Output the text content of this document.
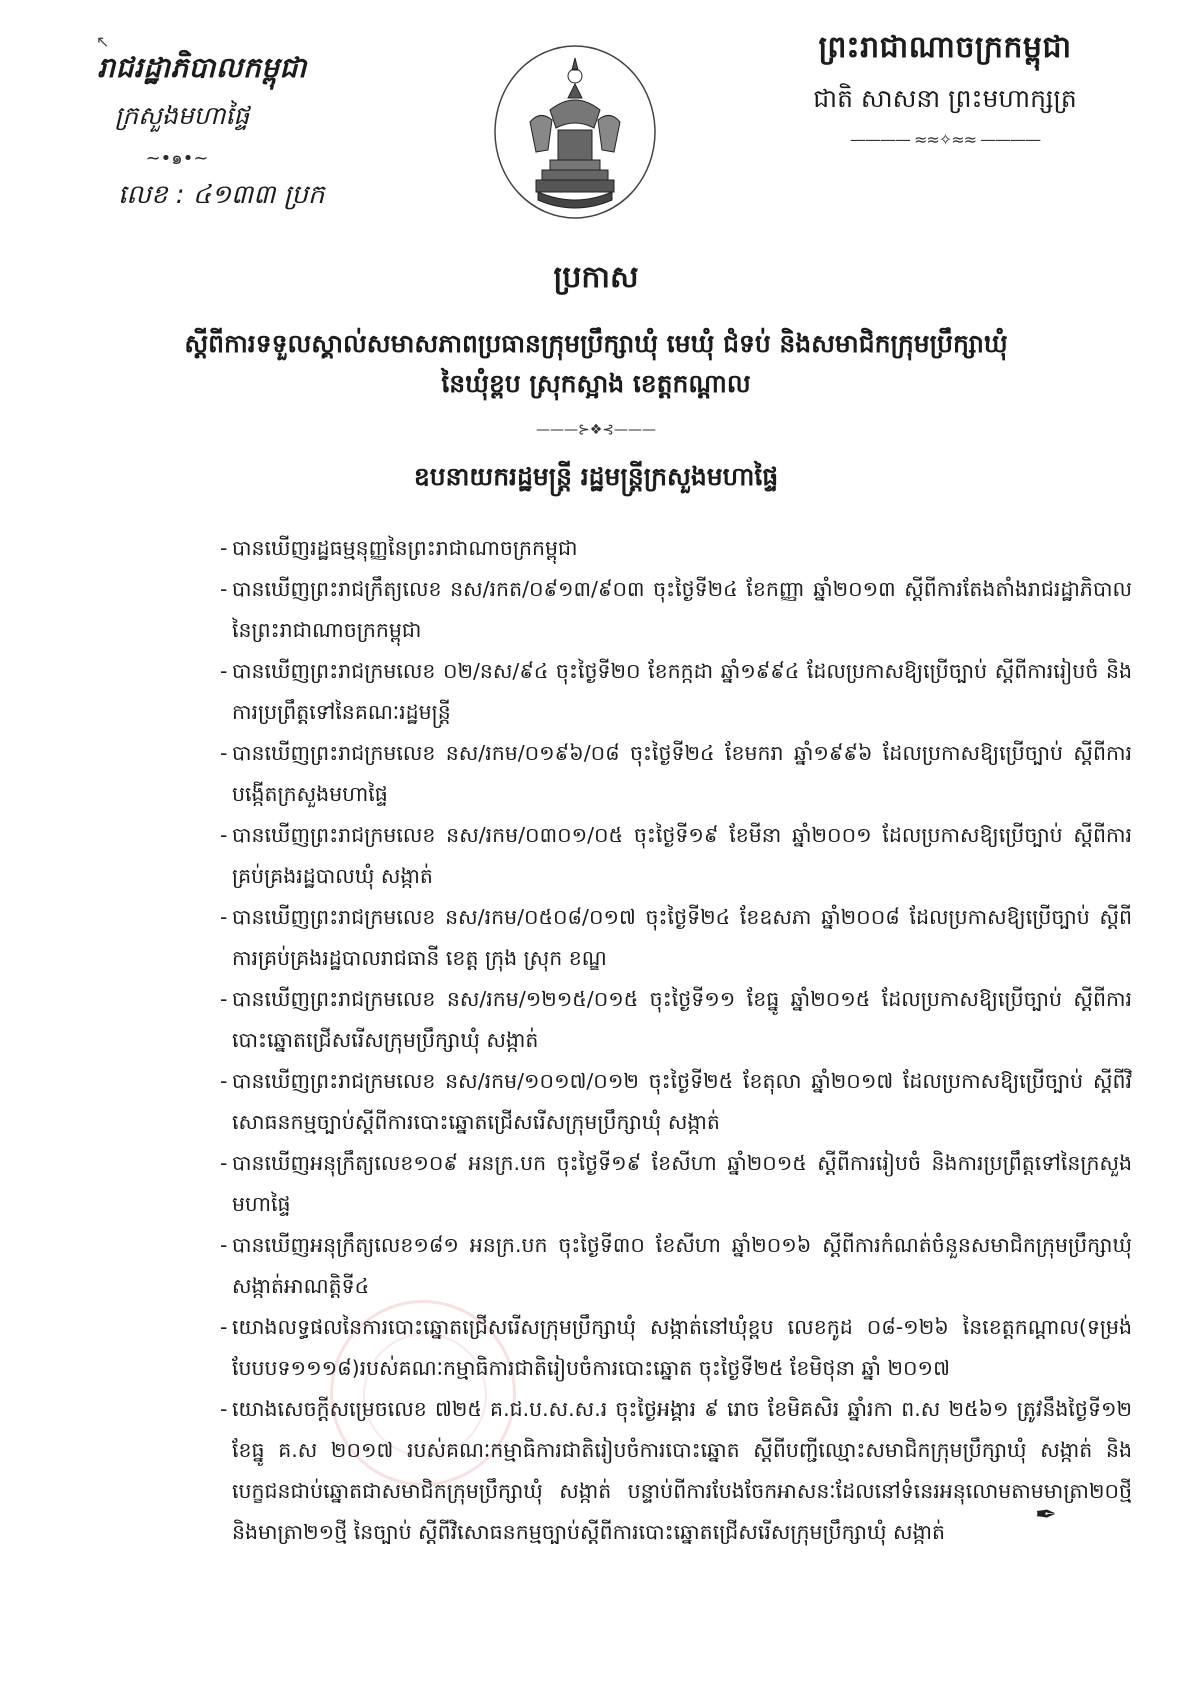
↖
រាជរដ្ឋាភិបាលកម្ពុជា
ក្រសួងមហាផ្ទៃ
~•๑•~
លេខ : ៤១៣៣ ប្រក
ព្រះរាជាណាចក្រកម្ពុជា
ជាតិ សាសនា ព្រះមហាក្សត្រ
———— ≈≈✧≈≈ ————
ប្រកាស
ស្តីពីការទទួលស្គាល់សមាសភាពប្រធានក្រុមប្រឹក្សាឃុំ មេឃុំ ជំទប់ និងសមាជិកក្រុមប្រឹក្សាឃុំ
នៃឃុំខ្ពប ស្រុកស្អាង ខេត្តកណ្តាល
———⊱❖⊰———
ឧបនាយករដ្ឋមន្ត្រី រដ្ឋមន្ត្រីក្រសួងមហាផ្ទៃ
- បានឃើញរដ្ឋធម្មនុញ្ញនៃព្រះរាជាណាចក្រកម្ពុជា
- បានឃើញព្រះរាជក្រឹត្យលេខ នស/រកត/០៩១៣/៩០៣ ចុះថ្ងៃទី២៤ ខែកញ្ញា ឆ្នាំ២០១៣ ស្តីពីការតែងតាំងរាជរដ្ឋាភិបាលនៃព្រះរាជាណាចក្រកម្ពុជា
- បានឃើញព្រះរាជក្រមលេខ ០២/នស/៩៤ ចុះថ្ងៃទី២០ ខែកក្កដា ឆ្នាំ១៩៩៤ ដែលប្រកាសឱ្យប្រើច្បាប់ ស្តីពីការរៀបចំ និងការប្រព្រឹត្តទៅនៃគណៈរដ្ឋមន្ត្រី
- បានឃើញព្រះរាជក្រមលេខ នស/រកម/០១៩៦/០៨ ចុះថ្ងៃទី២៤ ខែមករា ឆ្នាំ១៩៩៦ ដែលប្រកាសឱ្យប្រើច្បាប់ ស្តីពីការបង្កើតក្រសួងមហាផ្ទៃ
- បានឃើញព្រះរាជក្រមលេខ នស/រកម/០៣០១/០៥ ចុះថ្ងៃទី១៩ ខែមីនា ឆ្នាំ២០០១ ដែលប្រកាសឱ្យប្រើច្បាប់ ស្តីពីការគ្រប់គ្រងរដ្ឋបាលឃុំ សង្កាត់
- បានឃើញព្រះរាជក្រមលេខ នស/រកម/០៥០៨/០១៧ ចុះថ្ងៃទី២៤ ខែឧសភា ឆ្នាំ២០០៨ ដែលប្រកាសឱ្យប្រើច្បាប់ ស្តីពីការគ្រប់គ្រងរដ្ឋបាលរាជធានី ខេត្ត ក្រុង ស្រុក ខណ្ឌ
- បានឃើញព្រះរាជក្រមលេខ នស/រកម/១២១៥/០១៥ ចុះថ្ងៃទី១១ ខែធ្នូ ឆ្នាំ២០១៥ ដែលប្រកាសឱ្យប្រើច្បាប់ ស្តីពីការបោះឆ្នោតជ្រើសរើសក្រុមប្រឹក្សាឃុំ សង្កាត់
- បានឃើញព្រះរាជក្រមលេខ នស/រកម/១០១៧/០១២ ចុះថ្ងៃទី២៥ ខែតុលា ឆ្នាំ២០១៧ ដែលប្រកាសឱ្យប្រើច្បាប់ ស្តីពីវិសោធនកម្មច្បាប់ស្តីពីការបោះឆ្នោតជ្រើសរើសក្រុមប្រឹក្សាឃុំ សង្កាត់
- បានឃើញអនុក្រឹត្យលេខ១០៩ អនក្រ.បក ចុះថ្ងៃទី១៩ ខែសីហា ឆ្នាំ២០១៥ ស្តីពីការរៀបចំ និងការប្រព្រឹត្តទៅនៃក្រសួងមហាផ្ទៃ
- បានឃើញអនុក្រឹត្យលេខ១៨១ អនក្រ.បក ចុះថ្ងៃទី៣០ ខែសីហា ឆ្នាំ២០១៦ ស្តីពីការកំណត់ចំនួនសមាជិកក្រុមប្រឹក្សាឃុំ សង្កាត់អាណត្តិទី៤
- យោងលទ្ធផលនៃការបោះឆ្នោតជ្រើសរើសក្រុមប្រឹក្សាឃុំ សង្កាត់នៅឃុំខ្ពប លេខកូដ ០៨-១២៦ នៃខេត្តកណ្តាល(ទម្រង់បែបបទ១១១៨)របស់គណៈកម្មាធិការជាតិរៀបចំការបោះឆ្នោត ចុះថ្ងៃទី២៥ ខែមិថុនា ឆ្នាំ ២០១៧
- យោងសេចក្តីសម្រេចលេខ ៧២៥ គ.ជ.ប.ស.ស.រ ចុះថ្ងៃអង្គារ ៩ រោច ខែមិគសិរ ឆ្នាំរកា ព.ស ២៥៦១ ត្រូវនឹងថ្ងៃទី១២ ខែធ្នូ គ.ស ២០១៧ របស់គណៈកម្មាធិការជាតិរៀបចំការបោះឆ្នោត ស្តីពីបញ្ជីឈ្មោះសមាជិកក្រុមប្រឹក្សាឃុំ សង្កាត់ និងបេក្ខជនជាប់ឆ្នោតជាសមាជិកក្រុមប្រឹក្សាឃុំ សង្កាត់ បន្ទាប់ពីការបែងចែកអាសនៈដែលនៅទំនេរអនុលោមតាមមាត្រា២០ថ្មី និងមាត្រា២១ថ្មី នៃច្បាប់ ស្តីពីវិសោធនកម្មច្បាប់ស្តីពីការបោះឆ្នោតជ្រើសរើសក្រុមប្រឹក្សាឃុំ សង្កាត់
✒
